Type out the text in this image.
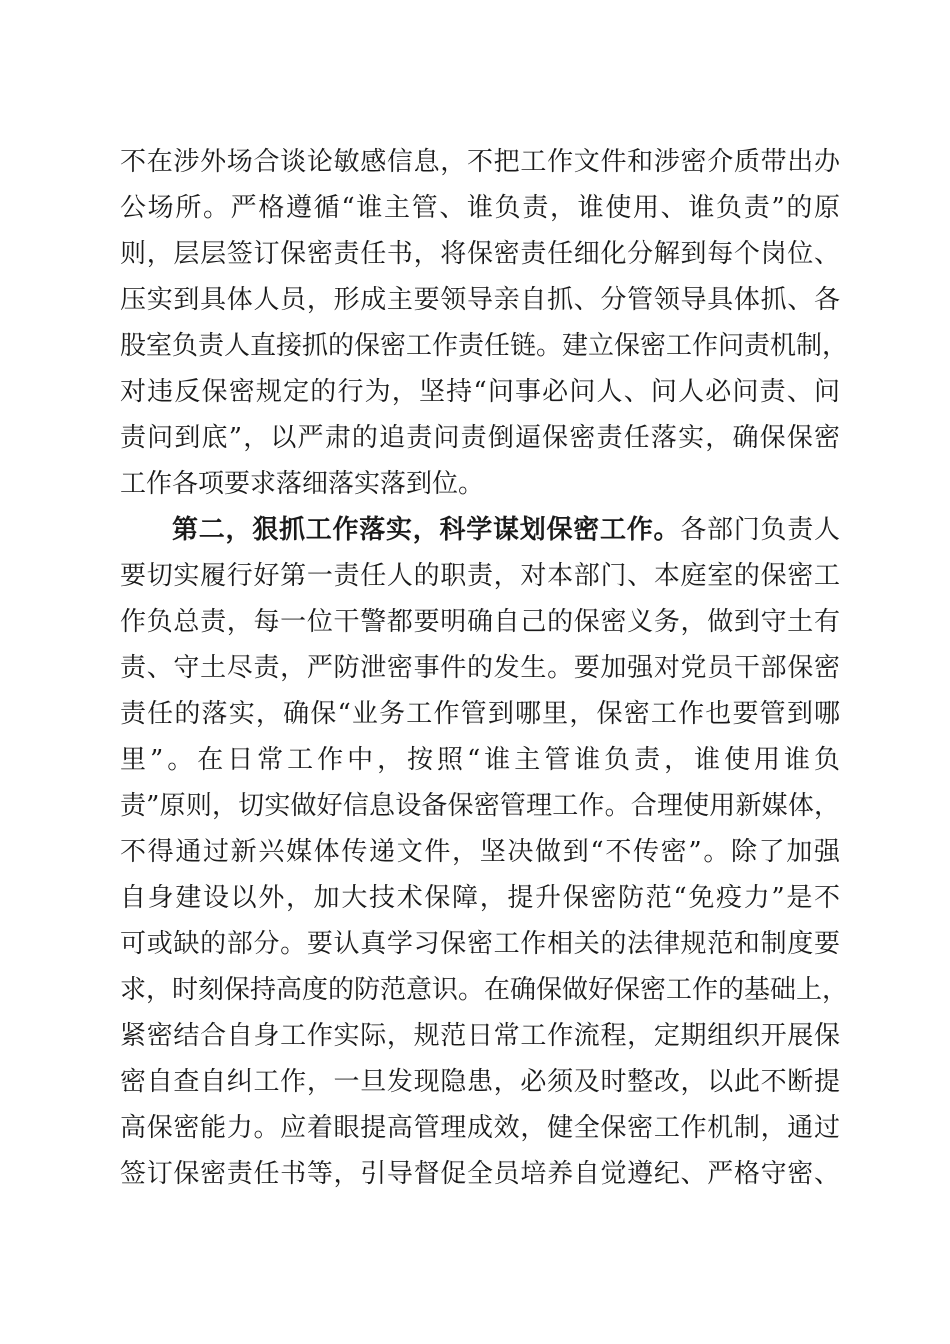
不在涉外场合谈论敏感信息，不把工作文件和涉密介质带出办
公场所。严格遵循“谁主管、谁负责，谁使用、谁负责”的原
则，层层签订保密责任书，将保密责任细化分解到每个岗位、
压实到具体人员，形成主要领导亲自抓、分管领导具体抓、各
股室负责人直接抓的保密工作责任链。建立保密工作问责机制，
对违反保密规定的行为，坚持“问事必问人、问人必问责、问
责问到底”，以严肃的追责问责倒逼保密责任落实，确保保密
工作各项要求落细落实落到位。
第二，狠抓工作落实，科学谋划保密工作。各部门负责人
要切实履行好第一责任人的职责，对本部门、本庭室的保密工
作负总责，每一位干警都要明确自己的保密义务，做到守土有
责、守土尽责，严防泄密事件的发生。要加强对党员干部保密
责任的落实，确保“业务工作管到哪里，保密工作也要管到哪
里”。在日常工作中，按照“谁主管谁负责，谁使用谁负
责”原则，切实做好信息设备保密管理工作。合理使用新媒体，
不得通过新兴媒体传递文件，坚决做到“不传密”。除了加强
自身建设以外，加大技术保障，提升保密防范“免疫力”是不
可或缺的部分。要认真学习保密工作相关的法律规范和制度要
求，时刻保持高度的防范意识。在确保做好保密工作的基础上，
紧密结合自身工作实际，规范日常工作流程，定期组织开展保
密自查自纠工作，一旦发现隐患，必须及时整改，以此不断提
高保密能力。应着眼提高管理成效，健全保密工作机制，通过
签订保密责任书等，引导督促全员培养自觉遵纪、严格守密、
